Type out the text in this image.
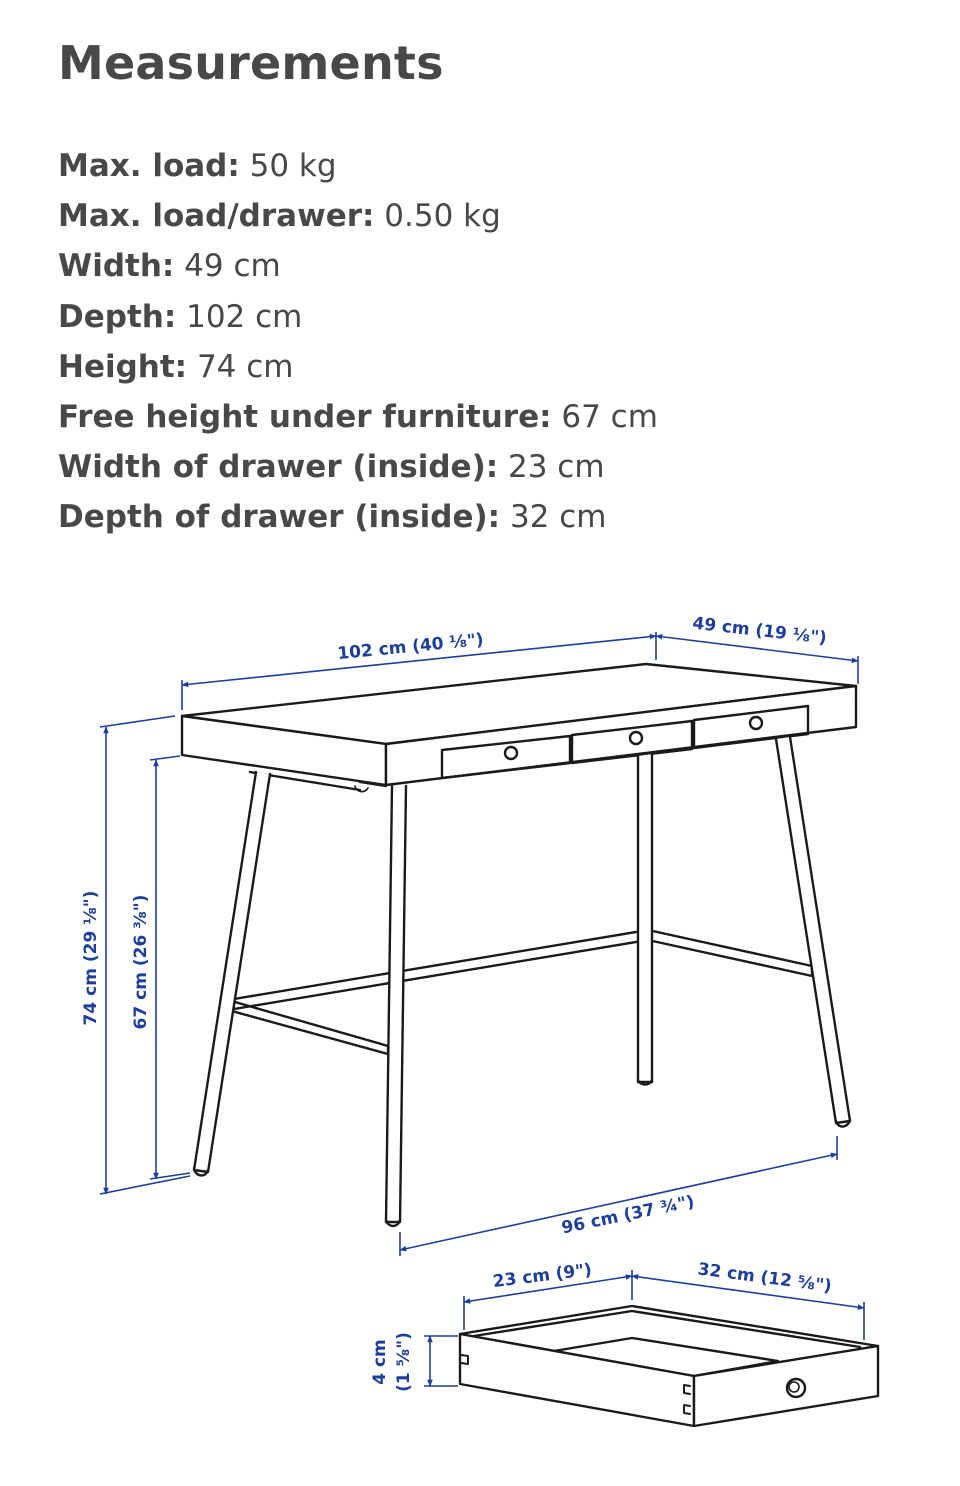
Measurements
Max. load: 50 kg
Max. load/drawer: 0.50 kg
Width: 49 cm
Depth: 102 cm
Height: 74 cm
Free height under furniture: 67 cm
Width of drawer (inside): 23 cm
Depth of drawer (inside): 32 cm
102 cm (40 ⅛")	49 cm (19 ⅛")
74 cm (29 ⅛") 67 cm (26 ⅜")
96 cm (37 ¾")
23 cm (9")	32 cm (12 ⅝")
4 cm (1 ⅝")
